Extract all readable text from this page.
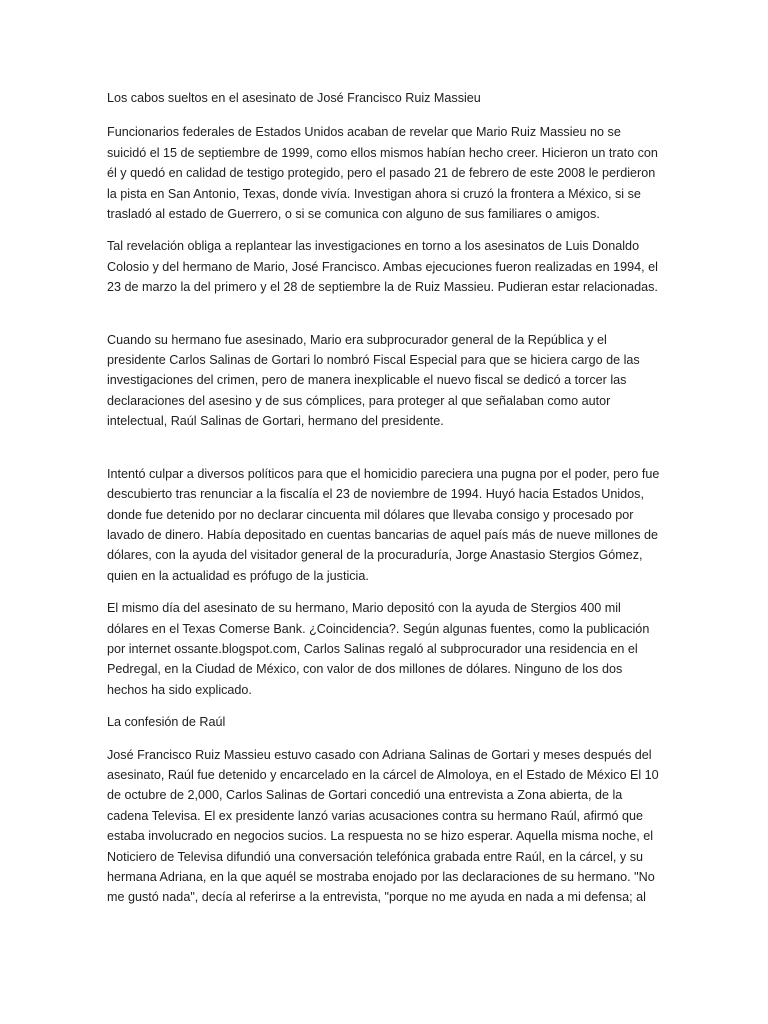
Los cabos sueltos en el asesinato de José Francisco Ruiz Massieu

Funcionarios federales de Estados Unidos acaban de revelar que Mario Ruiz Massieu no se suicidó el 15 de septiembre de 1999, como ellos mismos habían hecho creer. Hicieron un trato con él y quedó en calidad de testigo protegido, pero el pasado 21 de febrero de este 2008 le perdieron la pista en San Antonio, Texas, donde vivía. Investigan ahora si cruzó la frontera a México, si se trasladó al estado de Guerrero, o si se comunica con alguno de sus familiares o amigos.

Tal revelación obliga a replantear las investigaciones en torno a los asesinatos de Luis Donaldo Colosio y del hermano de Mario, José Francisco. Ambas ejecuciones fueron realizadas en 1994, el 23 de marzo la del primero y el 28 de septiembre la de Ruiz Massieu. Pudieran estar relacionadas.

Cuando su hermano fue asesinado, Mario era subprocurador general de la República y el presidente Carlos Salinas de Gortari lo nombró Fiscal Especial para que se hiciera cargo de las investigaciones del crimen, pero de manera inexplicable el nuevo fiscal se dedicó a torcer las declaraciones del asesino y de sus cómplices, para proteger al que señalaban como autor intelectual, Raúl Salinas de Gortari, hermano del presidente.

Intentó culpar a diversos políticos para que el homicidio pareciera una pugna por el poder, pero fue descubierto tras renunciar a la fiscalía el 23 de noviembre de 1994. Huyó hacia Estados Unidos, donde fue detenido por no declarar cincuenta mil dólares que llevaba consigo y procesado por lavado de dinero. Había depositado en cuentas bancarias de aquel país más de nueve millones de dólares, con la ayuda del visitador general de la procuraduría, Jorge Anastasio Stergios Gómez, quien en la actualidad es prófugo de la justicia.

El mismo día del asesinato de su hermano, Mario depositó con la ayuda de Stergios 400 mil dólares en el Texas Comerse Bank. ¿Coincidencia?. Según algunas fuentes, como la publicación por internet ossante.blogspot.com, Carlos Salinas regaló al subprocurador una residencia en el Pedregal, en la Ciudad de México, con valor de dos millones de dólares. Ninguno de los dos hechos ha sido explicado.

La confesión de Raúl

José Francisco Ruiz Massieu estuvo casado con Adriana Salinas de Gortari y meses después del asesinato, Raúl fue detenido y encarcelado en la cárcel de Almoloya, en el Estado de México El 10 de octubre de 2,000, Carlos Salinas de Gortari concedió una entrevista a Zona abierta, de la cadena Televisa. El ex presidente lanzó varias acusaciones contra su hermano Raúl, afirmó que estaba involucrado en negocios sucios. La respuesta no se hizo esperar. Aquella misma noche, el Noticiero de Televisa difundió una conversación telefónica grabada entre Raúl, en la cárcel, y su hermana Adriana, en la que aquél se mostraba enojado por las declaraciones de su hermano. "No me gustó nada", decía al referirse a la entrevista, "porque no me ayuda en nada a mi defensa; al
